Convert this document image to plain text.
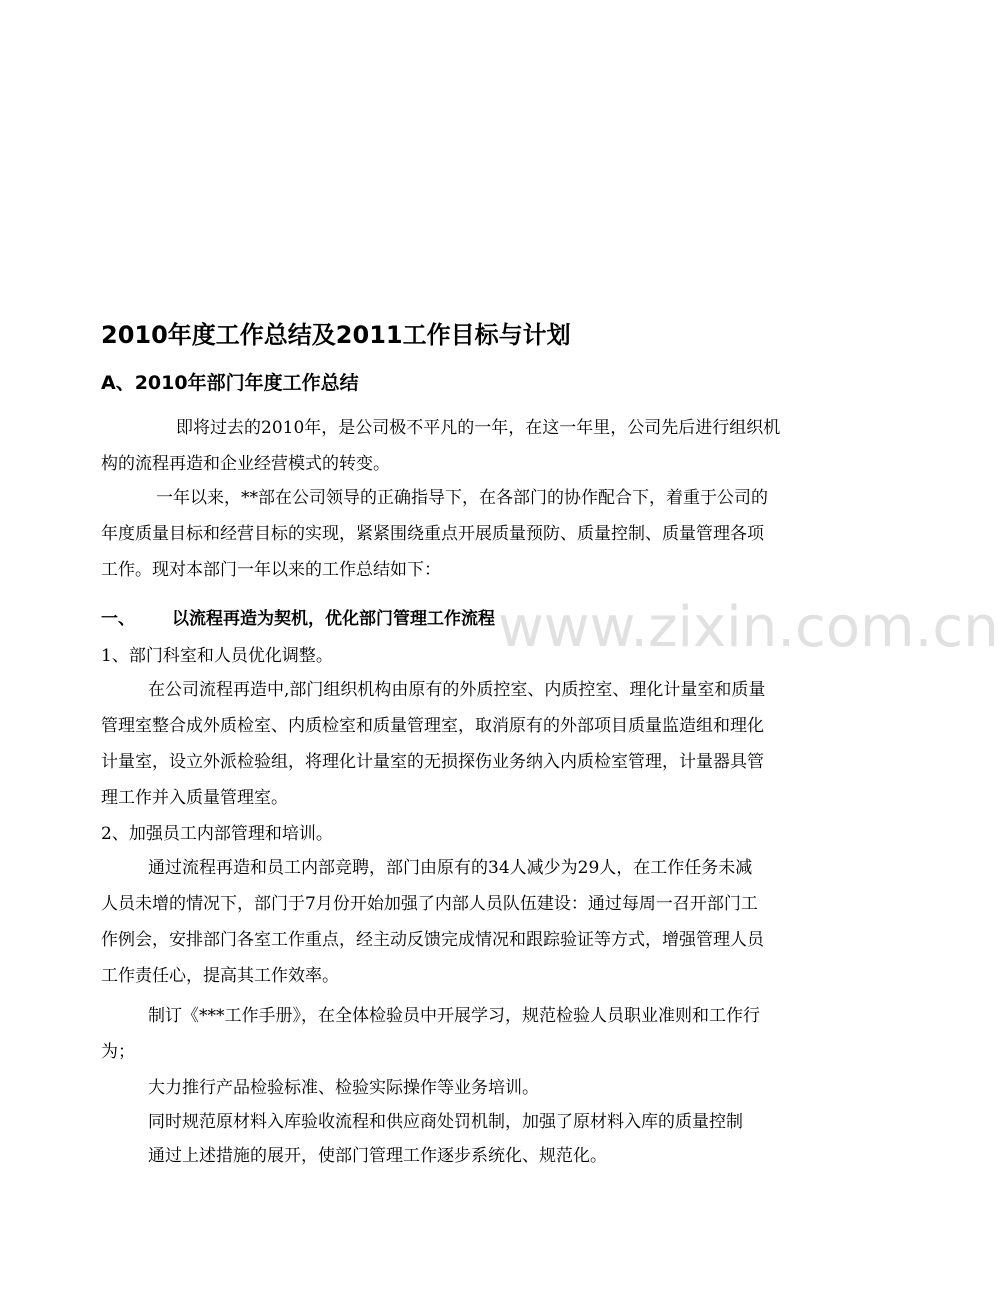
2010年度工作总结及2011工作目标与计划
A、2010年部门年度工作总结
即将过去的2010年，是公司极不平凡的一年，在这一年里，公司先后进行组织机
构的流程再造和企业经营模式的转变。
一年以来，**部在公司领导的正确指导下，在各部门的协作配合下，着重于公司的
年度质量目标和经营目标的实现，紧紧围绕重点开展质量预防、质量控制、质量管理各项
工作。现对本部门一年以来的工作总结如下：
www.zixin.com.cn
一、 以流程再造为契机，优化部门管理工作流程
1、部门科室和人员优化调整。
在公司流程再造中,部门组织机构由原有的外质控室、内质控室、理化计量室和质量
管理室整合成外质检室、内质检室和质量管理室，取消原有的外部项目质量监造组和理化
计量室，设立外派检验组，将理化计量室的无损探伤业务纳入内质检室管理，计量器具管
理工作并入质量管理室。
2、加强员工内部管理和培训。
通过流程再造和员工内部竞聘，部门由原有的34人减少为29人，在工作任务未减
人员未增的情况下，部门于7月份开始加强了内部人员队伍建设：通过每周一召开部门工
作例会，安排部门各室工作重点，经主动反馈完成情况和跟踪验证等方式，增强管理人员
工作责任心，提高其工作效率。
制订《***工作手册》，在全体检验员中开展学习，规范检验人员职业准则和工作行
为；
大力推行产品检验标准、检验实际操作等业务培训。
同时规范原材料入库验收流程和供应商处罚机制，加强了原材料入库的质量控制
通过上述措施的展开，使部门管理工作逐步系统化、规范化。
